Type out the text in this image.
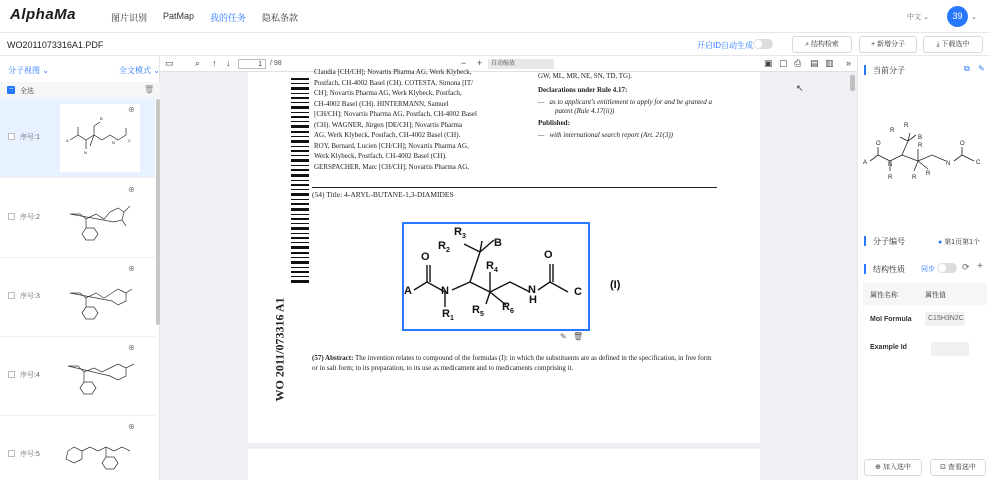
AlphaMa	图片识别 PatMap 我的任务 隐私条款	中文 ⌄	39	⌄
WO2011073316A1.PDF	开启ID自动生成	⌕ 结构检索	+ 新增分子	⤓ 下载选中
分子视图 ⌄	全文模式 ⌄
− 全选	🗑
序号:1	A
B
C
N
N
⊕
序号:2
⊕
序号:3
⊕
序号:4
⊕
序号:5
⊕
▭ ⌕ ↑ ↓	1	/ 98	− +	自动缩放	▣ ▢ ⎙ ▤ ▥ »
WO 2011/073316 A1
Claudia [CH/CH]; Novartis Pharma AG, Werk Klybeck,
Postfach, CH-4002 Basel (CH). COTESTA, Simona [IT/
CH]; Novartis Pharma AG, Werk Klybeck, Postfach,
CH-4002 Basel (CH). HINTERMANN, Samuel
[CH/CH]; Novartis Pharma AG, Postfach, CH-4002 Basel
(CH). WAGNER, Jürgen [DE/CH]; Novartis Pharma
AG, Werk Klybeck, Postfach, CH-4002 Basel (CH).
ROY, Bernard, Lucien [CH/CH]; Novartis Pharma AG,
Werk Klybeck, Postfach, CH-4002 Basel (CH).
GERSPACHER, Marc [CH/CH]; Novartis Pharma AG,
GW, ML, MR, NE, SN, TD, TG).
Declarations under Rule 4.17:
—   as to applicant's entitlement to apply for and be granted a patent (Rule 4.17(ii))
Published:
—   with international search report (Art. 21(3))
(54) Title: 4-ARYL-BUTANE-1,3-DIAMIDES
A	N
R 1
R 2
R 3
B
R 4
R 5
R 6
N
H
O
O
C
✎ 🗑
(I)
(57) Abstract: The invention relates to compound of the formulas (I): in which the substituents are as defined in the specification, in free form or in salt form; to its preparation, to its use as medicament and to medicaments comprising it.
↖
当前分子	⧉ ✎
A	N
R
R
R
B
R
R
R
N
O
O
C
分子编号	● 第1页第1个
结构性质 同步	⟳ +
属性名称	属性值
Mol Formula	C15H3N2C
Example Id
⊕ 加入选中	⊡ 查看选中
